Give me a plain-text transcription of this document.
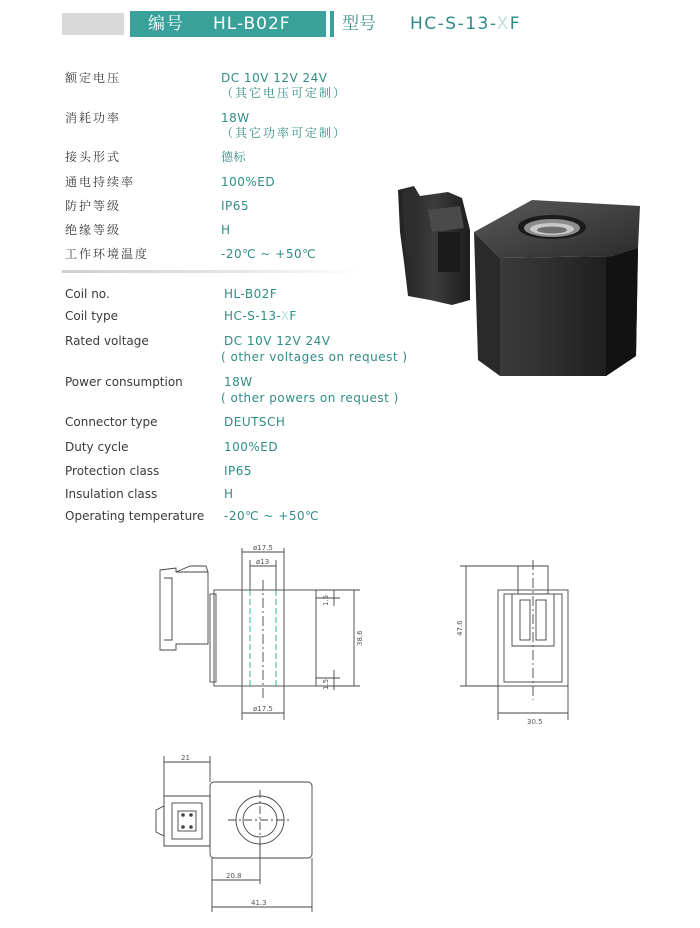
编号 HL-B02F	型号 HC-S-13-XF
额定电压	DC 10V 12V 24V
（其它电压可定制）
消耗功率	18W
（其它功率可定制）
接头形式	德标
通电持续率	100%ED
防护等级	IP65
绝缘等级	H
工作环境温度	-20℃ ~ +50℃
Coil no.	HL-B02F
Coil type	HC-S-13-XF
Rated voltage	DC 10V 12V 24V
( other voltages on request )
Power consumption	18W
( other powers on request )
Connector type	DEUTSCH
Duty cycle	100%ED
Protection class	IP65
Insulation class	H
Operating temperature -20℃ ~ +50℃
ø17.5
ø13
1.5
38.6
1.5
ø17.5
47.6
30.5
21
20.8
41.3
